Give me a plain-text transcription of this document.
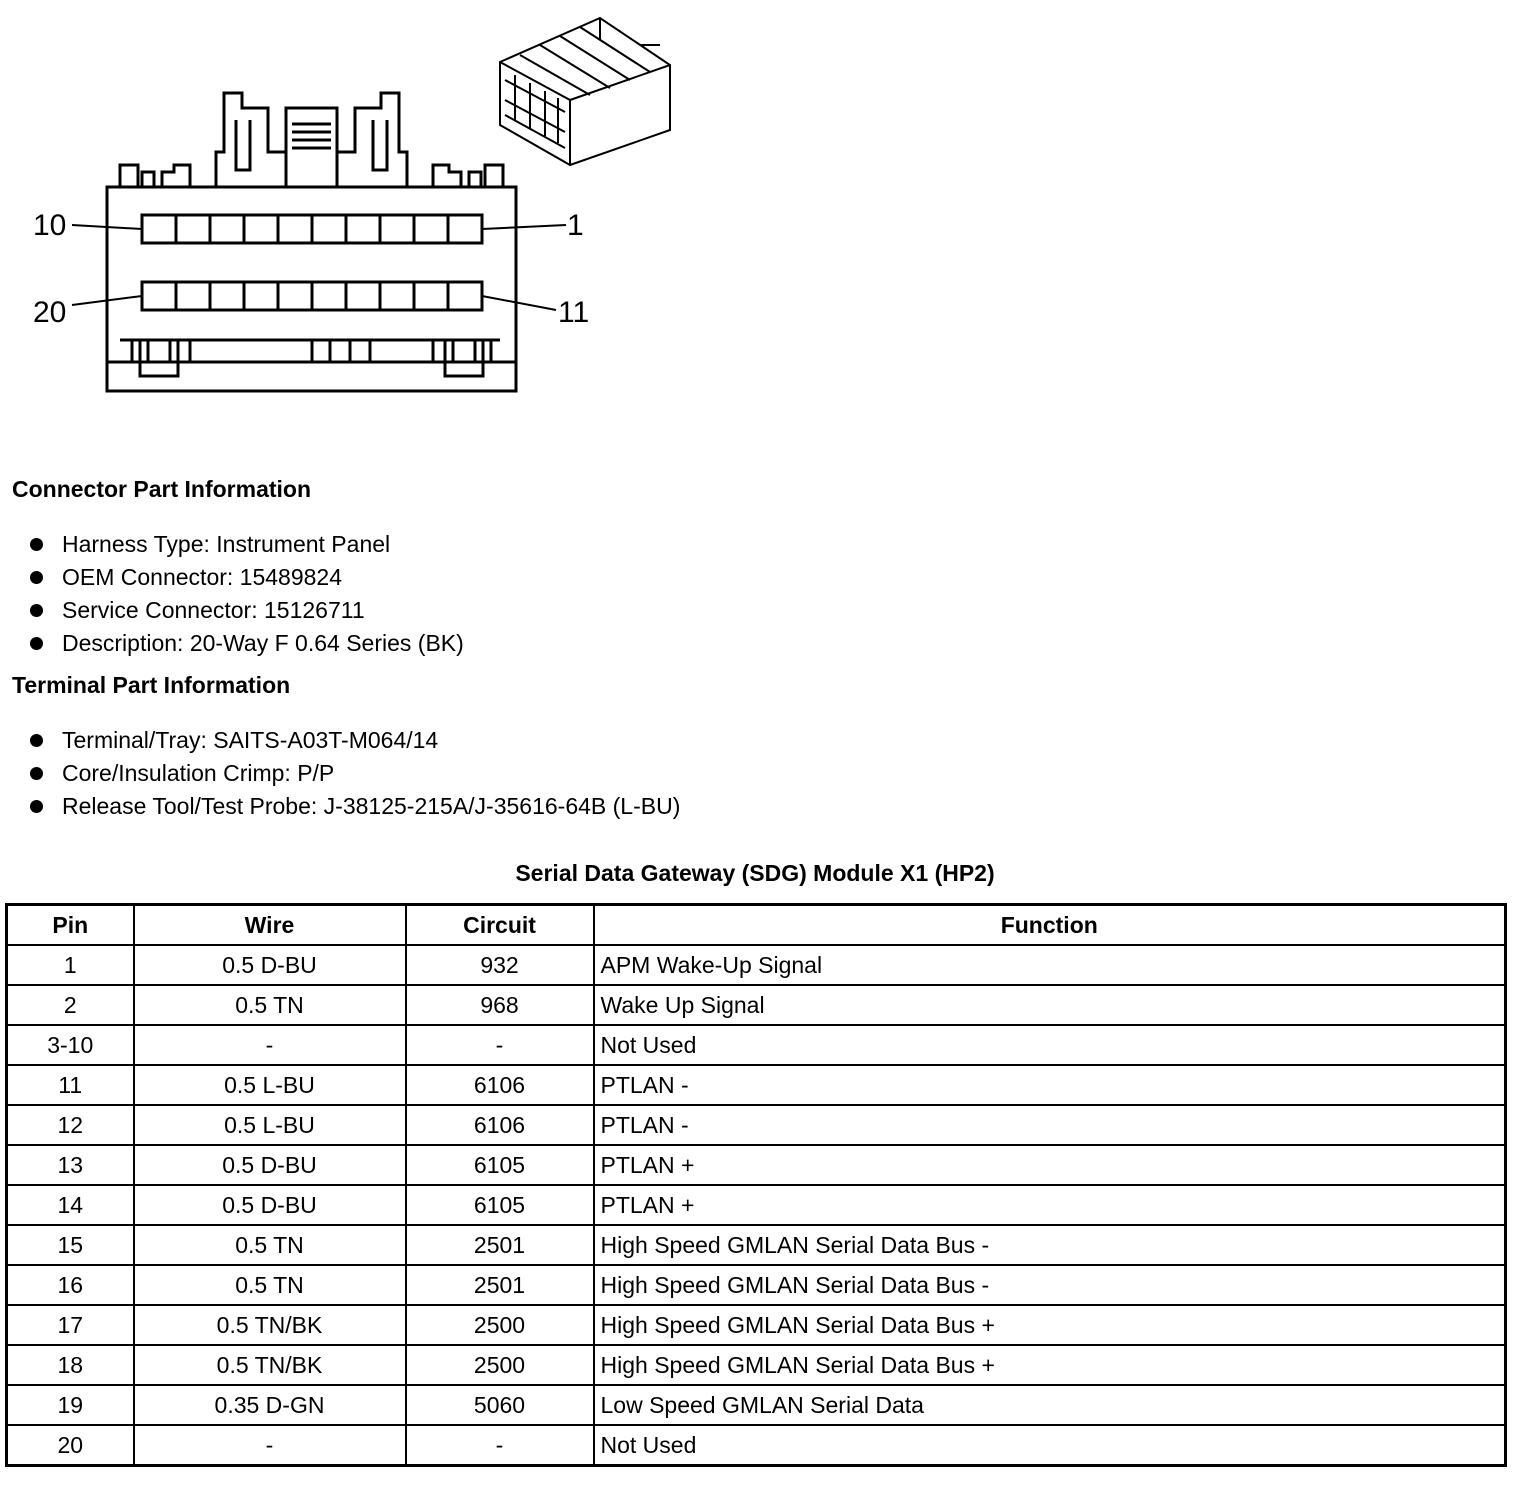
10	1
20	11
Connector Part Information
Harness Type: Instrument Panel
OEM Connector: 15489824
Service Connector: 15126711
Description: 20-Way F 0.64 Series (BK)
Terminal Part Information
Terminal/Tray: SAITS-A03T-M064/14
Core/Insulation Crimp: P/P
Release Tool/Test Probe: J-38125-215A/J-35616-64B (L-BU)
Serial Data Gateway (SDG) Module X1 (HP2)
Pin	Wire	Circuit	Function
1	0.5 D-BU	932	APM Wake-Up Signal
2	0.5 TN	968	Wake Up Signal
3-10	-	-	Not Used
11	0.5 L-BU	6106	PTLAN -
12	0.5 L-BU	6106	PTLAN -
13	0.5 D-BU	6105	PTLAN +
14	0.5 D-BU	6105	PTLAN +
15	0.5 TN	2501	High Speed GMLAN Serial Data Bus -
16	0.5 TN	2501	High Speed GMLAN Serial Data Bus -
17	0.5 TN/BK	2500	High Speed GMLAN Serial Data Bus +
18	0.5 TN/BK	2500	High Speed GMLAN Serial Data Bus +
19	0.35 D-GN	5060	Low Speed GMLAN Serial Data
20	-	-	Not Used
